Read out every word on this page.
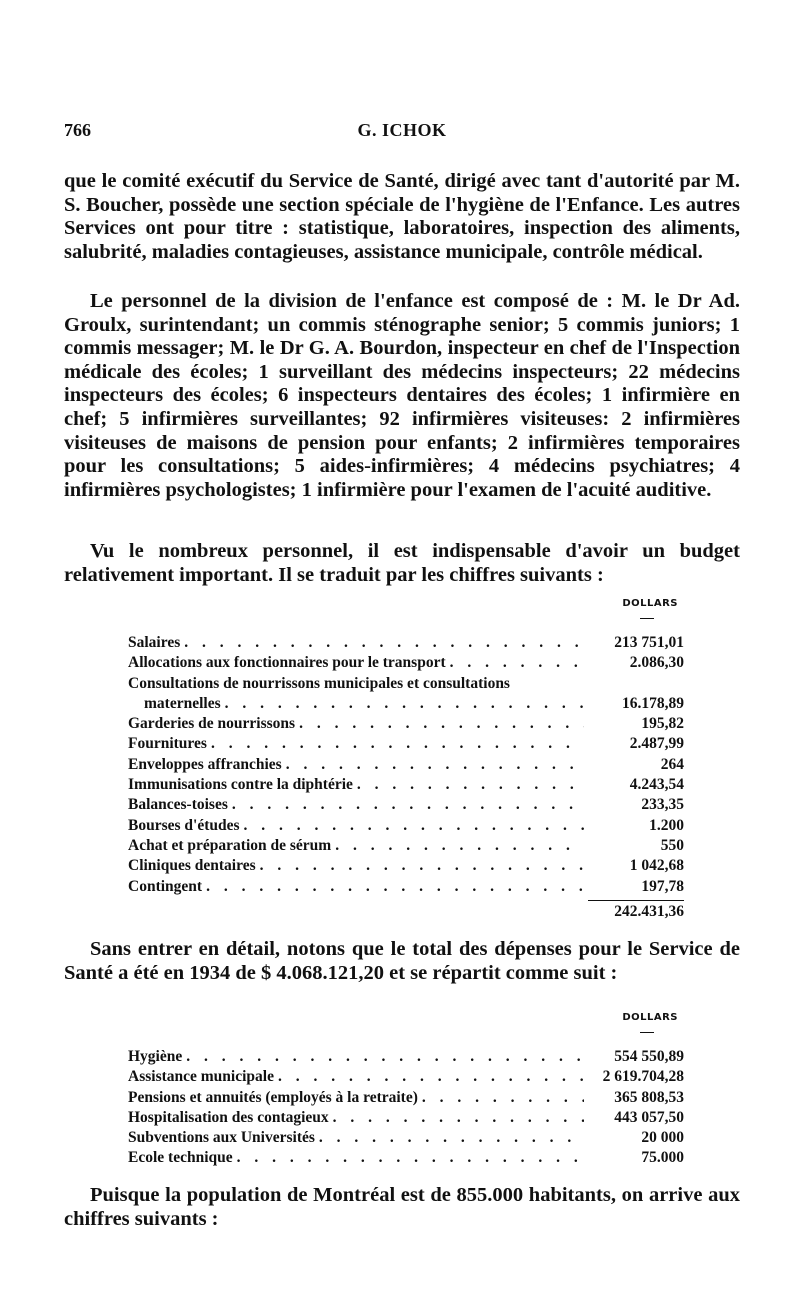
766	G. ICHOK

que le comité exécutif du Service de Santé, dirigé avec tant d'autorité par M. S. Boucher, possède une section spéciale de l'hygiène de l'Enfance. Les autres Services ont pour titre : statistique, laboratoires, inspection des aliments, salubrité, maladies contagieuses, assistance municipale, contrôle médical.

Le personnel de la division de l'enfance est composé de : M. le Dr Ad. Groulx, surintendant; un commis sténographe senior; 5 commis juniors; 1 commis messager; M. le Dr G. A. Bourdon, inspecteur en chef de l'Inspection médicale des écoles; 1 surveillant des médecins inspecteurs; 22 médecins inspecteurs des écoles; 6 inspecteurs dentaires des écoles; 1 infirmière en chef; 5 infirmières surveillantes; 92 infirmières visiteuses: 2 infirmières visiteuses de maisons de pension pour enfants; 2 infirmières temporaires pour les consultations; 5 aides-infirmières; 4 médecins psychiatres; 4 infirmières psychologistes; 1 infirmière pour l'examen de l'acuité auditive.

Vu le nombreux personnel, il est indispensable d'avoir un budget relativement important. Il se traduit par les chiffres suivants :

DOLLARS
Salaires . . .	213 751,01
Allocations aux fonctionnaires pour le transport . . .	2.086,30
Consultations de nourrissons municipales et consultations
maternelles . . .	16.178,89
Garderies de nourrissons . . .	195,82
Fournitures . . .	2.487,99
Enveloppes affranchies . . .	264
Immunisations contre la diphtérie . . .	4.243,54
Balances-toises . . .	233,35
Bourses d'études . . .	1.200
Achat et préparation de sérum . . .	550
Cliniques dentaires . . .	1 042,68
Contingent . . .	197,78
242.431,36

Sans entrer en détail, notons que le total des dépenses pour le Service de Santé a été en 1934 de $ 4.068.121,20 et se répartit comme suit :

DOLLARS
Hygiène . . .	554 550,89
Assistance municipale . . .	2 619.704,28
Pensions et annuités (employés à la retraite) . . .	365 808,53
Hospitalisation des contagieux . . .	443 057,50
Subventions aux Universités . . .	20 000
Ecole technique . . .	75.000

Puisque la population de Montréal est de 855.000 habitants, on arrive aux chiffres suivants :
